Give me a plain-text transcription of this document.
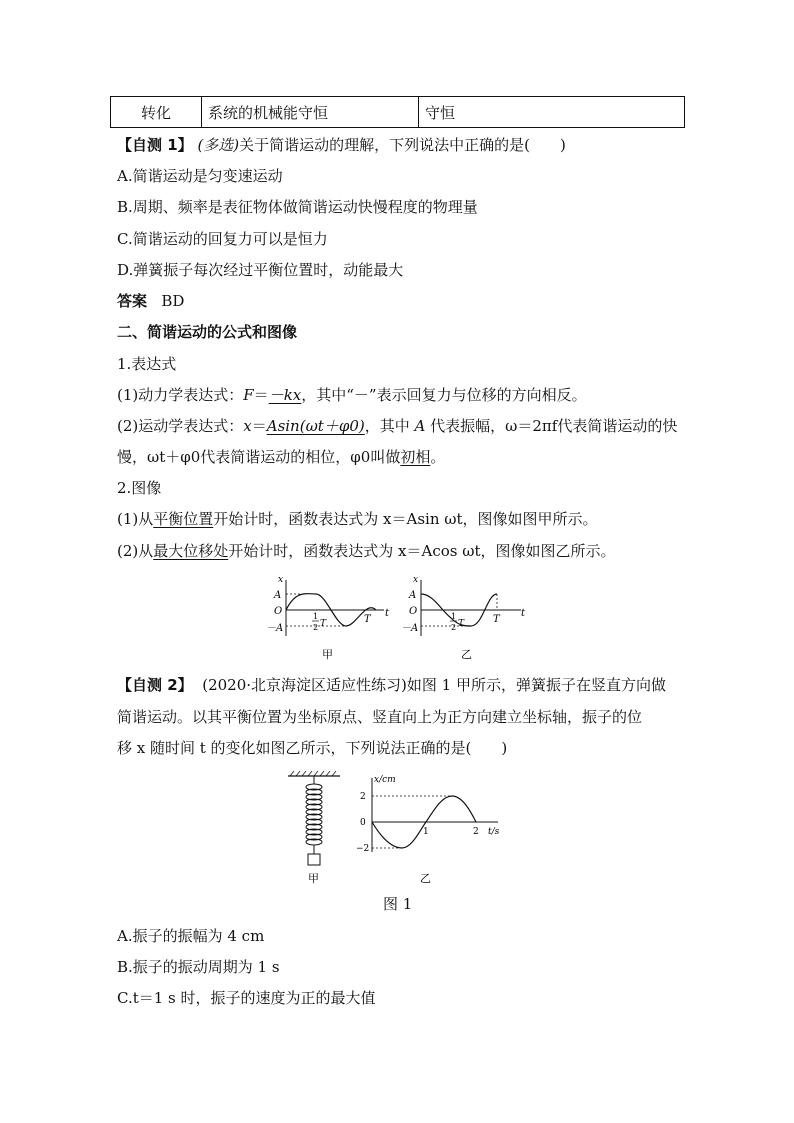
转化	系统的机械能守恒	守恒
【自测 1】 (多选)关于简谐运动的理解，下列说法中正确的是(　　)
A.简谐运动是匀变速运动
B.周期、频率是表征物体做简谐运动快慢程度的物理量
C.简谐运动的回复力可以是恒力
D.弹簧振子每次经过平衡位置时，动能最大
答案 BD
二、简谐运动的公式和图像
1.表达式
(1)动力学表达式：F＝－kx，其中“－”表示回复力与位移的方向相反。
(2)运动学表达式：x＝Asin(ωt＋φ0)，其中 A 代表振幅，ω＝2πf代表简谐运动的快
慢，ωt＋φ0代表简谐运动的相位，φ0叫做初相。
2.图像
(1)从平衡位置开始计时，函数表达式为 x＝Asin ωt，图像如图甲所示。
(2)从最大位移处开始计时，函数表达式为 x＝Acos ωt，图像如图乙所示。
x
A
O
－A
1
2 T	T
t
甲
x
A
O
－A
1
2 T	T
t
乙
【自测 2】 (2020·北京海淀区适应性练习)如图 1 甲所示，弹簧振子在竖直方向做
简谐运动。以其平衡位置为坐标原点、竖直向上为正方向建立坐标轴，振子的位
移 x 随时间 t 的变化如图乙所示，下列说法正确的是(　　)
甲
x/cm
2
0
−2
1	2 t/s
乙
图 1
A.振子的振幅为 4 cm
B.振子的振动周期为 1 s
C.t＝1 s 时，振子的速度为正的最大值
